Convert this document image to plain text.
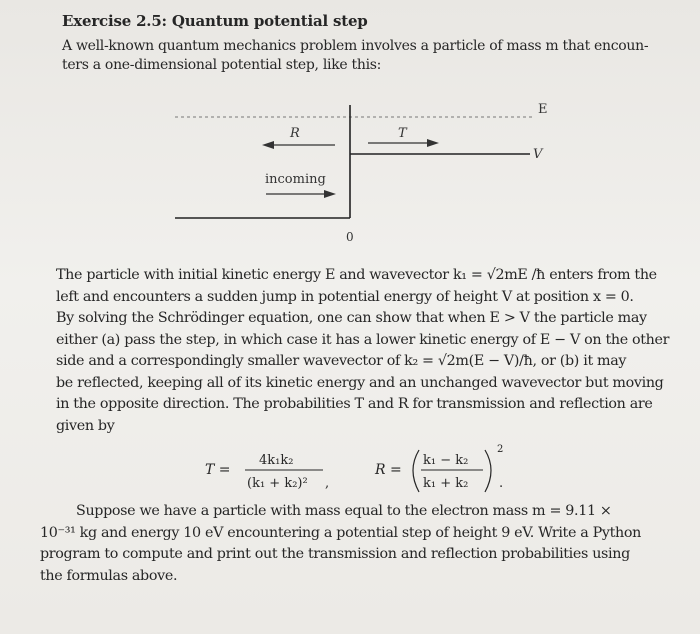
Exercise 2.5: Quantum potential step
A well-known quantum mechanics problem involves a particle of mass m that encoun-
ters a one-dimensional potential step, like this:
E
R	T
V
incoming
0
The particle with initial kinetic energy E and wavevector k₁ = √2mE /ħ enters from the
left and encounters a sudden jump in potential energy of height V at position x = 0.
By solving the Schrödinger equation, one can show that when E > V the particle may
either (a) pass the step, in which case it has a lower kinetic energy of E − V on the other
side and a correspondingly smaller wavevector of k₂ = √2m(E − V)/ħ, or (b) it may
be reflected, keeping all of its kinetic energy and an unchanged wavevector but moving
in the opposite direction. The probabilities T and R for transmission and reflection are
given by
T =
4k₁k₂
(k₁ + k₂)² ,
R =
k₁ − k₂
k₁ + k₂
2
.
Suppose we have a particle with mass equal to the electron mass m = 9.11 ×
10⁻³¹ kg and energy 10 eV encountering a potential step of height 9 eV. Write a Python
program to compute and print out the transmission and reflection probabilities using
the formulas above.
